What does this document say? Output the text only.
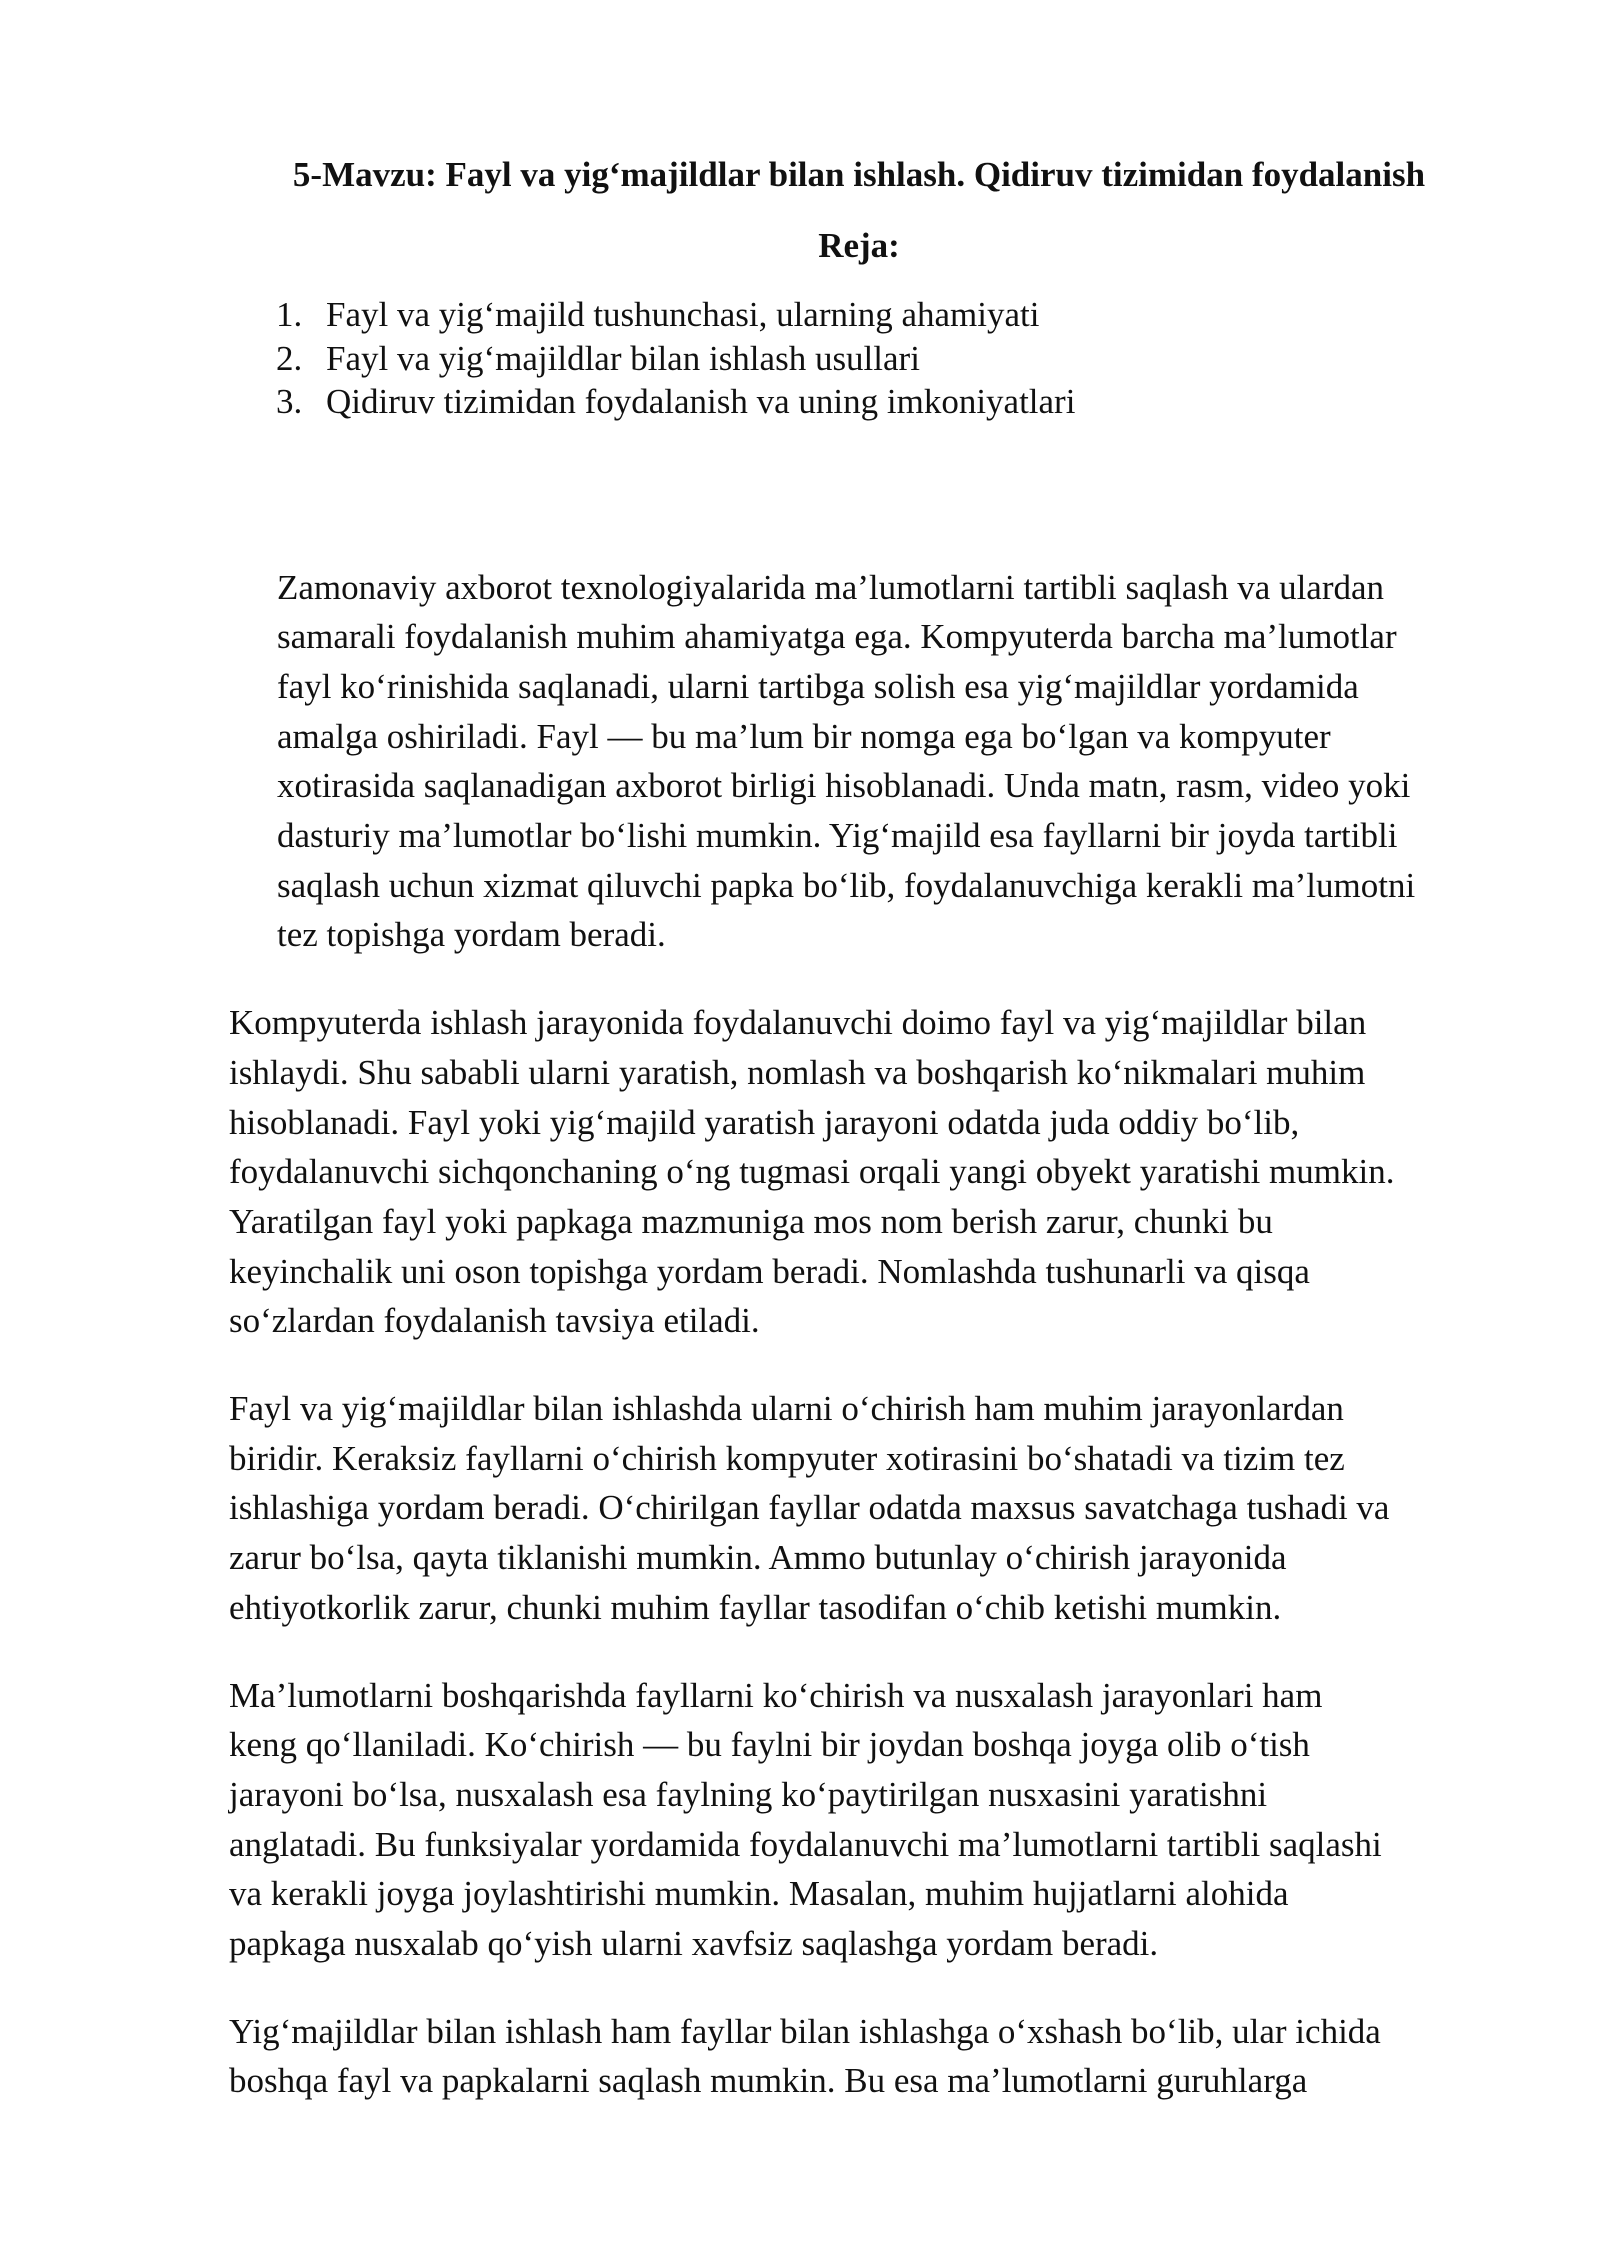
5-Mavzu: Fayl va yig‘majildlar bilan ishlash. Qidiruv tizimidan foydalanish
Reja:
1. Fayl va yig‘majild tushunchasi, ularning ahamiyati
2. Fayl va yig‘majildlar bilan ishlash usullari
3. Qidiruv tizimidan foydalanish va uning imkoniyatlari

Zamonaviy axborot texnologiyalarida ma’lumotlarni tartibli saqlash va ulardan
samarali foydalanish muhim ahamiyatga ega. Kompyuterda barcha ma’lumotlar
fayl ko‘rinishida saqlanadi, ularni tartibga solish esa yig‘majildlar yordamida
amalga oshiriladi. Fayl — bu ma’lum bir nomga ega bo‘lgan va kompyuter
xotirasida saqlanadigan axborot birligi hisoblanadi. Unda matn, rasm, video yoki
dasturiy ma’lumotlar bo‘lishi mumkin. Yig‘majild esa fayllarni bir joyda tartibli
saqlash uchun xizmat qiluvchi papka bo‘lib, foydalanuvchiga kerakli ma’lumotni
tez topishga yordam beradi.

Kompyuterda ishlash jarayonida foydalanuvchi doimo fayl va yig‘majildlar bilan
ishlaydi. Shu sababli ularni yaratish, nomlash va boshqarish ko‘nikmalari muhim
hisoblanadi. Fayl yoki yig‘majild yaratish jarayoni odatda juda oddiy bo‘lib,
foydalanuvchi sichqonchaning o‘ng tugmasi orqali yangi obyekt yaratishi mumkin.
Yaratilgan fayl yoki papkaga mazmuniga mos nom berish zarur, chunki bu
keyinchalik uni oson topishga yordam beradi. Nomlashda tushunarli va qisqa
so‘zlardan foydalanish tavsiya etiladi.

Fayl va yig‘majildlar bilan ishlashda ularni o‘chirish ham muhim jarayonlardan
biridir. Keraksiz fayllarni o‘chirish kompyuter xotirasini bo‘shatadi va tizim tez
ishlashiga yordam beradi. O‘chirilgan fayllar odatda maxsus savatchaga tushadi va
zarur bo‘lsa, qayta tiklanishi mumkin. Ammo butunlay o‘chirish jarayonida
ehtiyotkorlik zarur, chunki muhim fayllar tasodifan o‘chib ketishi mumkin.

Ma’lumotlarni boshqarishda fayllarni ko‘chirish va nusxalash jarayonlari ham
keng qo‘llaniladi. Ko‘chirish — bu faylni bir joydan boshqa joyga olib o‘tish
jarayoni bo‘lsa, nusxalash esa faylning ko‘paytirilgan nusxasini yaratishni
anglatadi. Bu funksiyalar yordamida foydalanuvchi ma’lumotlarni tartibli saqlashi
va kerakli joyga joylashtirishi mumkin. Masalan, muhim hujjatlarni alohida
papkaga nusxalab qo‘yish ularni xavfsiz saqlashga yordam beradi.

Yig‘majildlar bilan ishlash ham fayllar bilan ishlashga o‘xshash bo‘lib, ular ichida
boshqa fayl va papkalarni saqlash mumkin. Bu esa ma’lumotlarni guruhlarga
